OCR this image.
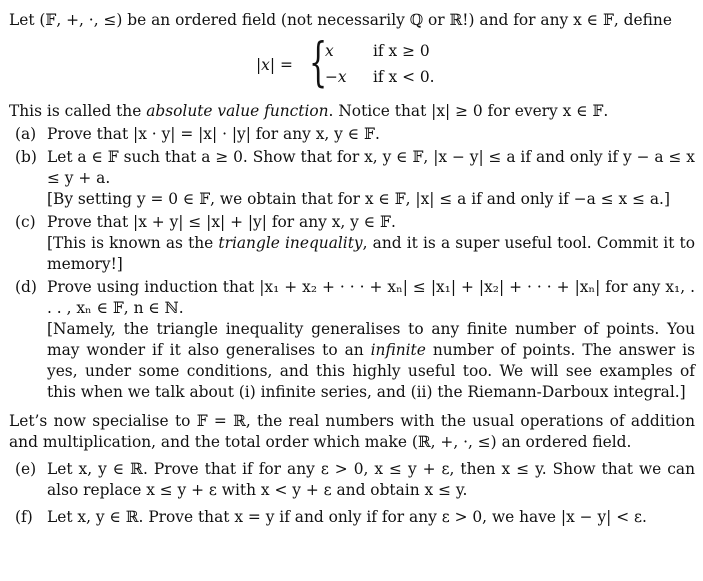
Let (𝔽, +, ·, ≤) be an ordered field (not necessarily ℚ or ℝ!) and for any x ∈ 𝔽, define

|x| = {
x	if x ≥ 0
−x if x < 0.

This is called the absolute value function. Notice that |x| ≥ 0 for every x ∈ 𝔽.

(a) Prove that |x · y| = |x| · |y| for any x, y ∈ 𝔽.
(b) Let a ∈ 𝔽 such that a ≥ 0. Show that for x, y ∈ 𝔽, |x − y| ≤ a if and only if y − a ≤ x ≤ y + a.

[By setting y = 0 ∈ 𝔽, we obtain that for x ∈ 𝔽, |x| ≤ a if and only if −a ≤ x ≤ a.]

(c) Prove that |x + y| ≤ |x| + |y| for any x, y ∈ 𝔽.

[This is known as the triangle inequality, and it is a super useful tool. Commit it to memory!]

(d) Prove using induction that |x₁ + x₂ + · · · + xₙ| ≤ |x₁| + |x₂| + · · · + |xₙ| for any x₁, . . . , xₙ ∈ 𝔽, n ∈ ℕ.

[Namely, the triangle inequality generalises to any finite number of points. You may wonder if it also generalises to an infinite number of points. The answer is yes, under some conditions, and this highly useful too. We will see examples of this when we talk about (i) infinite series, and (ii) the Riemann-Darboux integral.]

Let’s now specialise to 𝔽 = ℝ, the real numbers with the usual operations of addition and multiplication, and the total order which make (ℝ, +, ·, ≤) an ordered field.

(e) Let x, y ∈ ℝ. Prove that if for any ε > 0, x ≤ y + ε, then x ≤ y. Show that we can also replace x ≤ y + ε with x < y + ε and obtain x ≤ y.
(f) Let x, y ∈ ℝ. Prove that x = y if and only if for any ε > 0, we have |x − y| < ε.
